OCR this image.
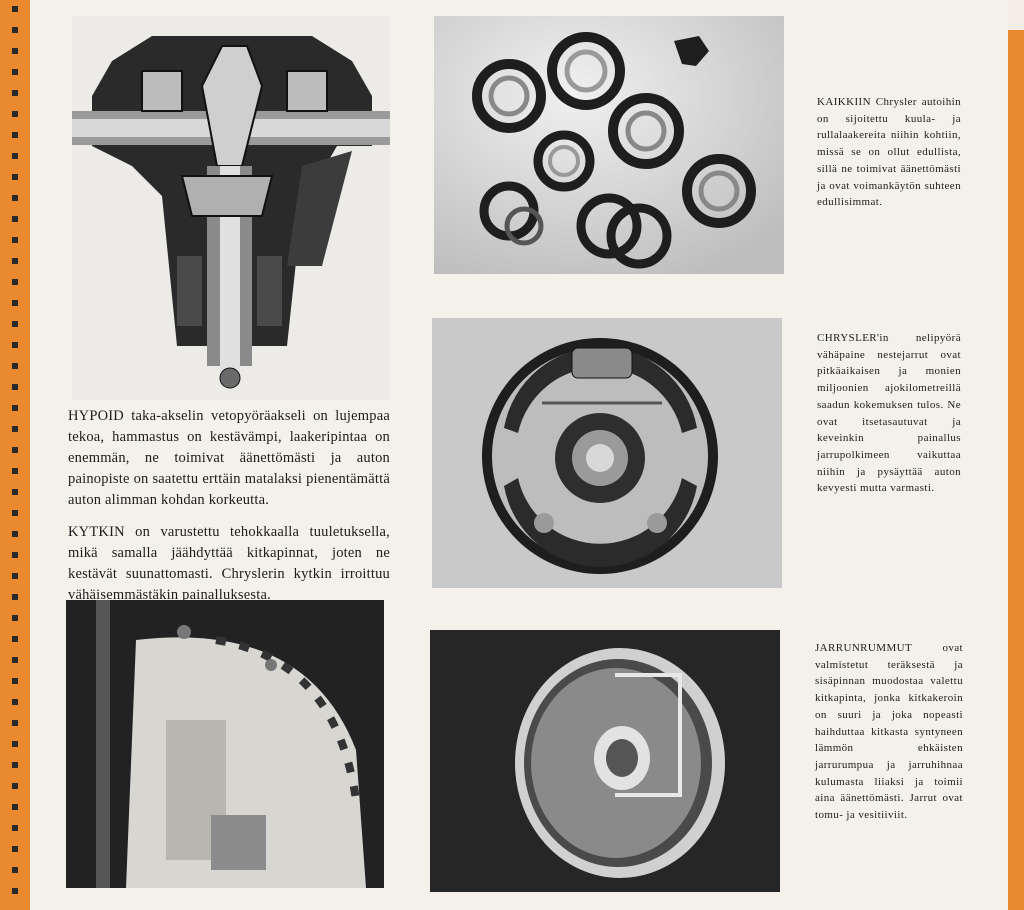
HYPOID taka-akselin vetopyöräakseli on lujempaa tekoa, hammastus on kestävämpi, laakeripintaa on enemmän, ne toimivat äänettömästi ja auton painopiste on saatettu erttäin matalaksi pienentämättä auton alimman kohdan korkeutta.

KYTKIN on varustettu tehokkaalla tuuletuksella, mikä samalla jäähdyttää kitkapinnat, joten ne kestävät suunattomasti. Chryslerin kytkin irroittuu vähäisemmästäkin painalluksesta.

KAIKKIIN Chrysler autoihin on sijoitettu kuula- ja rullalaakereita niihin kohtiin, missä se on ollut edullista, sillä ne toimivat äänettömästi ja ovat voimankäytön suhteen edullisimmat.

CHRYSLER'in nelipyörä vähäpaine nestejarrut ovat pitkäaikaisen ja monien miljoonien ajokilometreillä saadun kokemuksen tulos. Ne ovat itsetasautuvat ja keveinkin painallus jarrupolkimeen vaikuttaa niihin ja pysäyttää auton kevyesti mutta varmasti.

JARRUNRUMMUT ovat valmistetut teräksestä ja sisäpinnan muodostaa valettu kitkapinta, jonka kitkakeroin on suuri ja joka nopeasti haihduttaa kitkasta syntyneen lämmön ehkäisten jarrurumpua ja jarruhihnaa kulumasta liiaksi ja toimii aina äänettömästi. Jarrut ovat tomu- ja vesitiiviit.
